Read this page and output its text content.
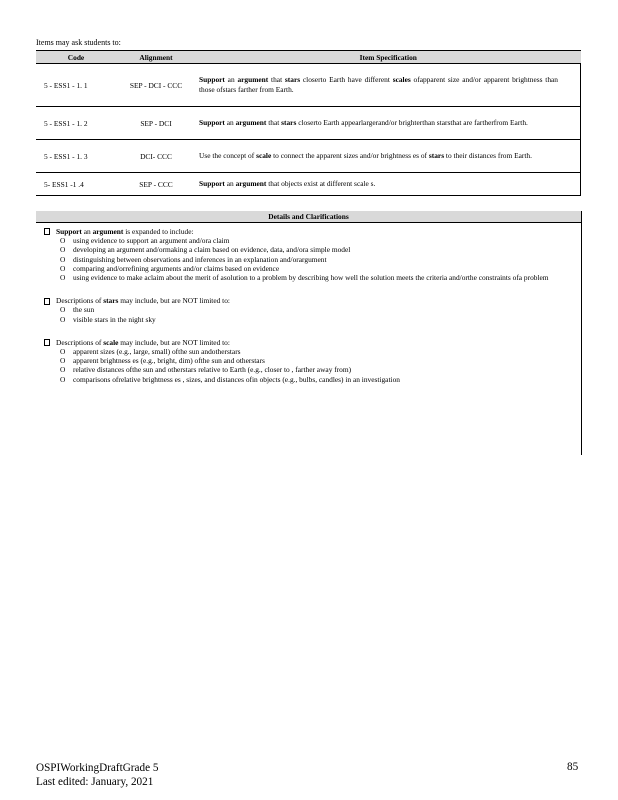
Items may ask students to:
Code	Alignment	Item Specification
5 - ESS1 - 1. 1	SEP - DCI - CCC	Support an argument that stars closerto Earth have different scales ofapparent size and/or apparent brightness than those ofstars farther from Earth.
5 - ESS1 - 1. 2	SEP - DCI	Support an argument that stars closerto Earth appearlargerand/or brighterthan starsthat are fartherfrom Earth.
5 - ESS1 - 1. 3	DCI- CCC	Use the concept of scale to connect the apparent sizes and/or brightness es of stars to their distances from Earth.
5- ESS1 -1 .4	SEP - CCC	Support an argument that objects exist at different scale s.
Details and Clarifications
Support an argument is expanded to include:
O	using evidence to support an argument and/ora claim
O	developing an argument and/ormaking a claim based on evidence, data, and/ora simple model
O	distinguishing between observations and inferences in an explanation and/orargument
O	comparing and/orrefining arguments and/or claims based on evidence
O	using evidence to make aclaim about the merit of asolution to a problem by describing how well the solution meets the criteria and/orthe constraints ofa problem
Descriptions of stars may include, but are NOT limited to:
O	the sun
O	visible stars in the night sky
Descriptions of scale may include, but are NOT limited to:
O	apparent sizes (e.g., large, small) ofthe sun andotherstars
O	apparent brightness es (e.g., bright, dim) ofthe sun and otherstars
O	relative distances ofthe sun and otherstars relative to Earth (e.g., closer to , farther away from)
O	comparisons ofrelative brightness es , sizes, and distances ofin objects (e.g., bulbs, candles) in an investigation
OSPIWorkingDraftGrade 5
Last edited: January, 2021
85
